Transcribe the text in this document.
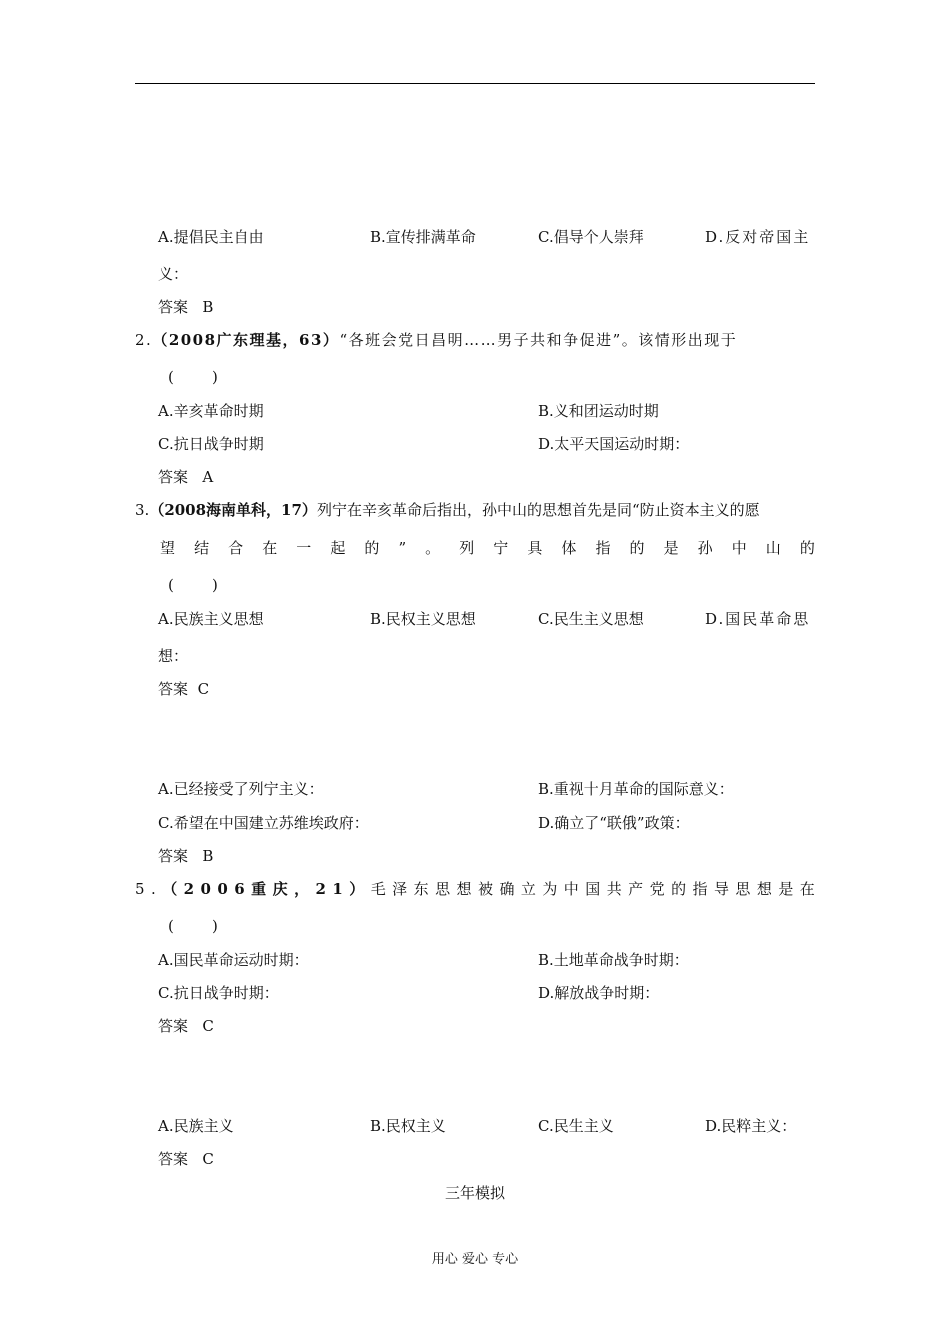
A.提倡民主自由	B.宣传排满革命	C.倡导个人崇拜	D.反对帝国主
义：
答案 B
2.（2008广东理基，63）“各班会党日昌明……男子共和争促进”。该情形出现于
(        )
A.辛亥革命时期	B.义和团运动时期
C.抗日战争时期	D.太平天国运动时期：
答案 A
3.（2008海南单科，17）列宁在辛亥革命后指出，孙中山的思想首先是同“防止资本主义的愿
望 结 合 在 一 起 的 ” 。 列 宁 具 体 指 的 是 孙 中 山 的
(        )
A.民族主义思想	B.民权主义思想	C.民生主义思想	D.国民革命思
想：
答案 C
A.已经接受了列宁主义：	B.重视十月革命的国际意义：
C.希望在中国建立苏维埃政府：	D.确立了“联俄”政策：
答案 B
5 . （ 2 0 0 6 重 庆 ， 2 1 ） 毛 泽 东 思 想 被 确 立 为 中 国 共 产 党 的 指 导 思 想 是 在
(        )
A.国民革命运动时期：	B.土地革命战争时期：
C.抗日战争时期：	D.解放战争时期：
答案 C
A.民族主义	B.民权主义	C.民生主义	D.民粹主义：
答案 C
三年模拟
用心 爱心 专心
